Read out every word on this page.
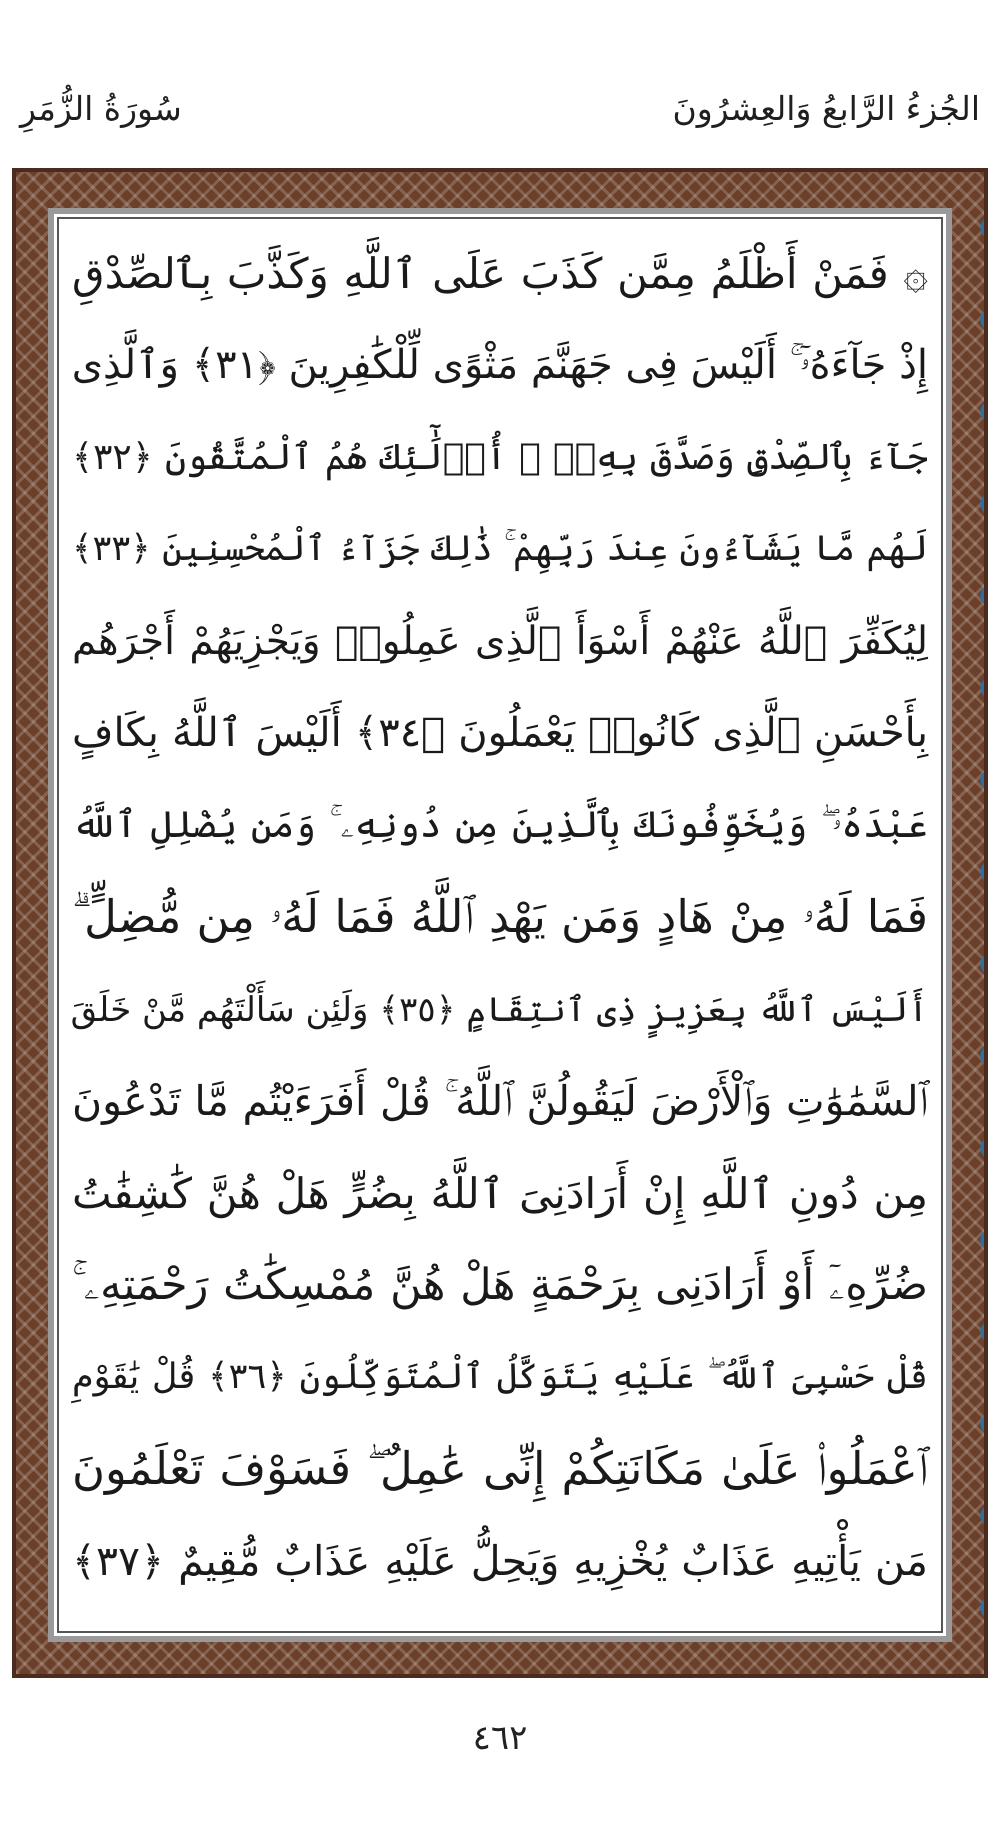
الجُزءُ الرَّابعُ وَالعِشرُونَ
سُورَةُ الزُّمَرِ
۞ فَمَنْ أَظْلَمُ مِمَّن كَذَبَ عَلَى ٱللَّهِ وَكَذَّبَ بِٱلصِّدْقِ
إِذْ جَآءَهُۥٓ ۚ أَلَيْسَ فِى جَهَنَّمَ مَثْوًى لِّلْكَٰفِرِينَ ﴿٣١﴾ وَٱلَّذِى
جَآءَ بِٱلصِّدْقِ وَصَدَّقَ بِهِۦٓ ۙ أُو۟لَٰٓئِكَ هُمُ ٱلْمُتَّقُونَ ﴿٣٢﴾
لَهُم مَّا يَشَآءُونَ عِندَ رَبِّهِمْ ۚ ذَٰلِكَ جَزَآءُ ٱلْمُحْسِنِينَ ﴿٣٣﴾
لِيُكَفِّرَ ٱللَّهُ عَنْهُمْ أَسْوَأَ ٱلَّذِى عَمِلُوا۟ وَيَجْزِيَهُمْ أَجْرَهُم
بِأَحْسَنِ ٱلَّذِى كَانُوا۟ يَعْمَلُونَ ﴿٣٤﴾ أَلَيْسَ ٱللَّهُ بِكَافٍ
عَبْدَهُۥ ۖ وَيُخَوِّفُونَكَ بِٱلَّذِينَ مِن دُونِهِۦ ۚ وَمَن يُضْلِلِ ٱللَّهُ
فَمَا لَهُۥ مِنْ هَادٍ وَمَن يَهْدِ ٱللَّهُ فَمَا لَهُۥ مِن مُّضِلٍّ ۗ
أَلَيْسَ ٱللَّهُ بِعَزِيزٍ ذِى ٱنتِقَامٍ ﴿٣٥﴾ وَلَئِن سَأَلْتَهُم مَّنْ خَلَقَ
ٱلسَّمَٰوَٰتِ وَٱلْأَرْضَ لَيَقُولُنَّ ٱللَّهُ ۚ قُلْ أَفَرَءَيْتُم مَّا تَدْعُونَ
مِن دُونِ ٱللَّهِ إِنْ أَرَادَنِىَ ٱللَّهُ بِضُرٍّ هَلْ هُنَّ كَٰشِفَٰتُ
ضُرِّهِۦٓ أَوْ أَرَادَنِى بِرَحْمَةٍ هَلْ هُنَّ مُمْسِكَٰتُ رَحْمَتِهِۦ ۚ
قُلْ حَسْبِىَ ٱللَّهُ ۖ عَلَيْهِ يَتَوَكَّلُ ٱلْمُتَوَكِّلُونَ ﴿٣٦﴾ قُلْ يَٰقَوْمِ
ٱعْمَلُوا۟ عَلَىٰ مَكَانَتِكُمْ إِنِّى عَٰمِلٌ ۖ فَسَوْفَ تَعْلَمُونَ
مَن يَأْتِيهِ عَذَابٌ يُخْزِيهِ وَيَحِلُّ عَلَيْهِ عَذَابٌ مُّقِيمٌ ﴿٣٧﴾
٤٦٢
